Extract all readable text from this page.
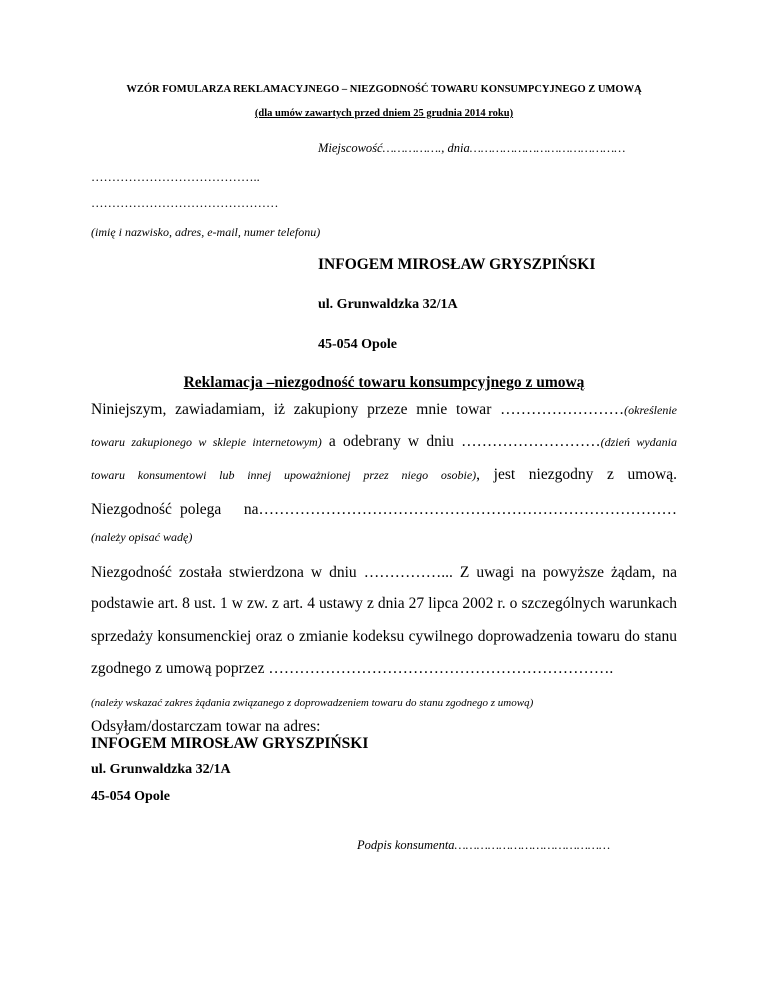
WZÓR FOMULARZA REKLAMACYJNEGO – NIEZGODNOŚĆ TOWARU KONSUMPCYJNEGO Z UMOWĄ
(dla umów zawartych przed dniem 25 grudnia 2014 roku)
Miejscowość……………., dnia……………………………………
…………………………………..
………………………………………
(imię i nazwisko, adres, e-mail, numer telefonu)
INFOGEM MIROSŁAW GRYSZPIŃSKI
ul. Grunwaldzka 32/1A
45-054 Opole
Reklamacja –niezgodność towaru konsumpcyjnego z umową
Niniejszym, zawiadamiam, iż zakupiony przeze mnie towar ……………………(określenie
towaru zakupionego w sklepie internetowym) a odebrany w dniu ………………………(dzień wydania
towaru konsumentowi lub innej upoważnionej przez niego osobie), jest niezgodny z umową.
Niezgodność polega	na………………………………………………………………………
(należy opisać wadę)
Niezgodność została stwierdzona w dniu ……………... Z uwagi na powyższe żądam, na
podstawie art. 8 ust. 1 w zw. z art. 4 ustawy z dnia 27 lipca 2002 r. o szczególnych warunkach
sprzedaży konsumenckiej oraz o zmianie kodeksu cywilnego doprowadzenia towaru do stanu
zgodnego z umową poprzez ………………………………………………………….
(należy wskazać zakres żądania związanego z doprowadzeniem towaru do stanu zgodnego z umową)
Odsyłam/dostarczam towar na adres:
INFOGEM MIROSŁAW GRYSZPIŃSKI
ul. Grunwaldzka 32/1A
45-054 Opole
Podpis konsumenta……………………………………
